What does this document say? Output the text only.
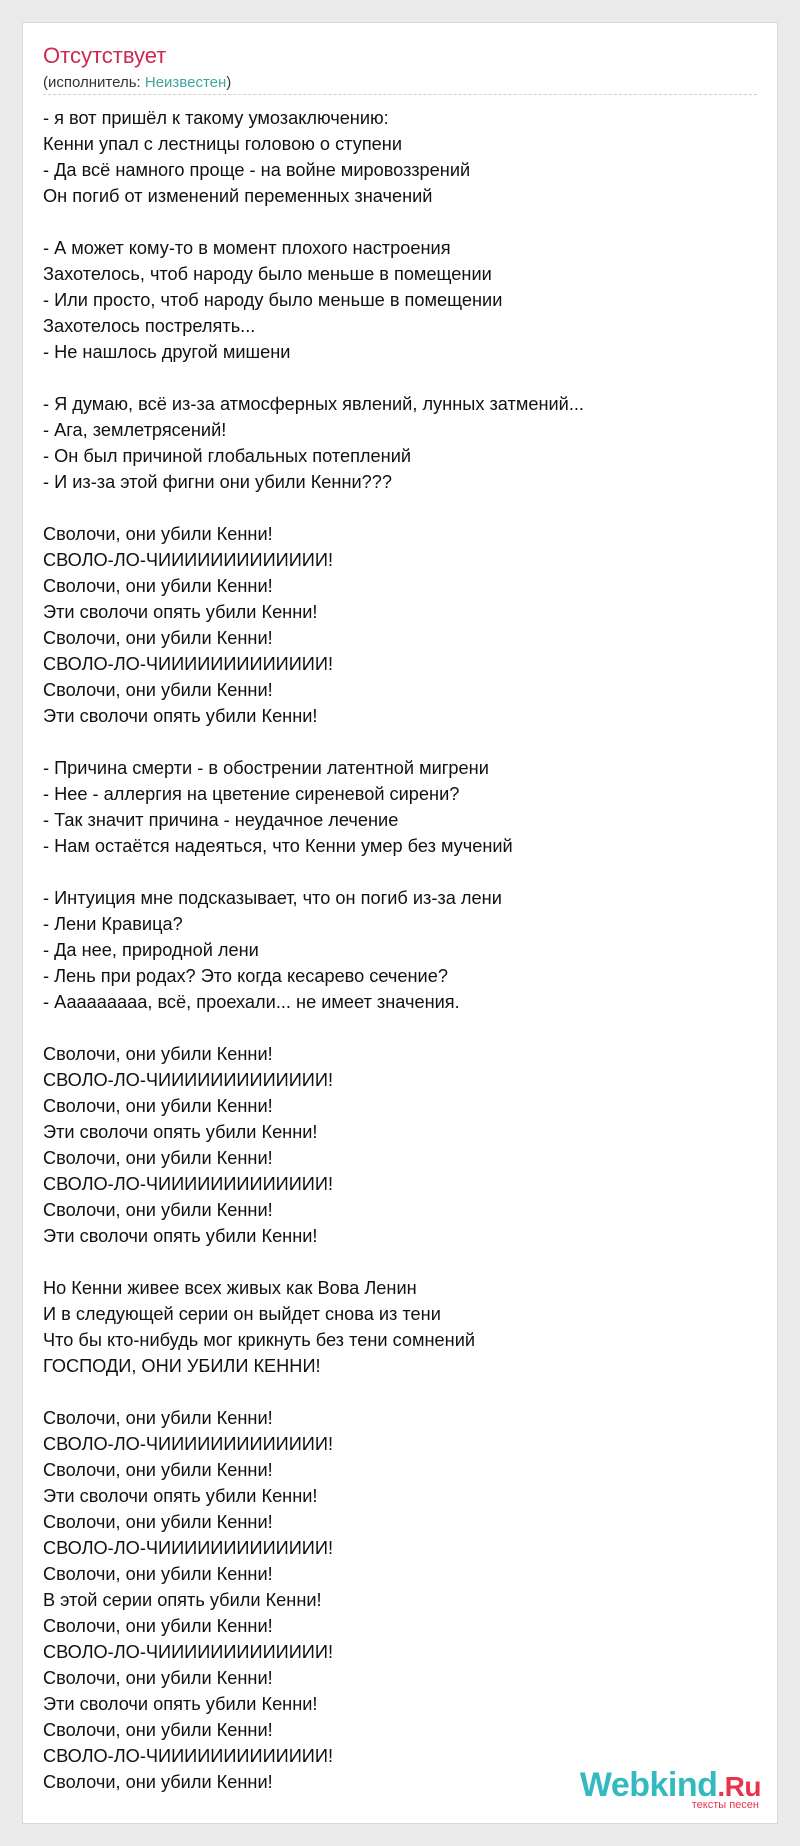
Отсутствует
(исполнитель: Неизвестен)
- я вот пришёл к такому умозаключению:
Кенни упал с лестницы головою о ступени
- Да всё намного проще - на войне мировоззрений
Он погиб от изменений переменных значений

- А может кому-то в момент плохого настроения
Захотелось, чтоб народу было меньше в помещении
- Или просто, чтоб народу было меньше в помещении
Захотелось пострелять...
- Не нашлось другой мишени

- Я думаю, всё из-за атмосферных явлений, лунных затмений...
- Ага, землетрясений!
- Он был причиной глобальных потеплений
- И из-за этой фигни они убили Кенни???

Сволочи, они убили Кенни!
СВОЛО-ЛО-ЧИИИИИИИИИИИИИ!
Сволочи, они убили Кенни!
Эти сволочи опять убили Кенни!
Сволочи, они убили Кенни!
СВОЛО-ЛО-ЧИИИИИИИИИИИИИ!
Сволочи, они убили Кенни!
Эти сволочи опять убили Кенни!

- Причина смерти - в обострении латентной мигрени
- Нее - аллергия на цветение сиреневой сирени?
- Так значит причина - неудачное лечение
- Нам остаётся надеяться, что Кенни умер без мучений

- Интуиция мне подсказывает, что он погиб из-за лени
- Лени Кравица?
- Да нее, природной лени
- Лень при родах? Это когда кесарево сечение?
- Аааааааaa, всё, проехали... не имеет значения.

Сволочи, они убили Кенни!
СВОЛО-ЛО-ЧИИИИИИИИИИИИИ!
Сволочи, они убили Кенни!
Эти сволочи опять убили Кенни!
Сволочи, они убили Кенни!
СВОЛО-ЛО-ЧИИИИИИИИИИИИИ!
Сволочи, они убили Кенни!
Эти сволочи опять убили Кенни!

Но Кенни живее всех живых как Вова Ленин
И в следующей серии он выйдет снова из тени
Что бы кто-нибудь мог крикнуть без тени сомнений
ГОСПОДИ, ОНИ УБИЛИ КЕННИ!

Сволочи, они убили Кенни!
СВОЛО-ЛО-ЧИИИИИИИИИИИИИ!
Сволочи, они убили Кенни!
Эти сволочи опять убили Кенни!
Сволочи, они убили Кенни!
СВОЛО-ЛО-ЧИИИИИИИИИИИИИ!
Сволочи, они убили Кенни!
В этой серии опять убили Кенни!
Сволочи, они убили Кенни!
СВОЛО-ЛО-ЧИИИИИИИИИИИИИ!
Сволочи, они убили Кенни!
Эти сволочи опять убили Кенни!
Сволочи, они убили Кенни!
СВОЛО-ЛО-ЧИИИИИИИИИИИИИ!
Сволочи, они убили Кенни!	Webkind.Ru
тексты песен
